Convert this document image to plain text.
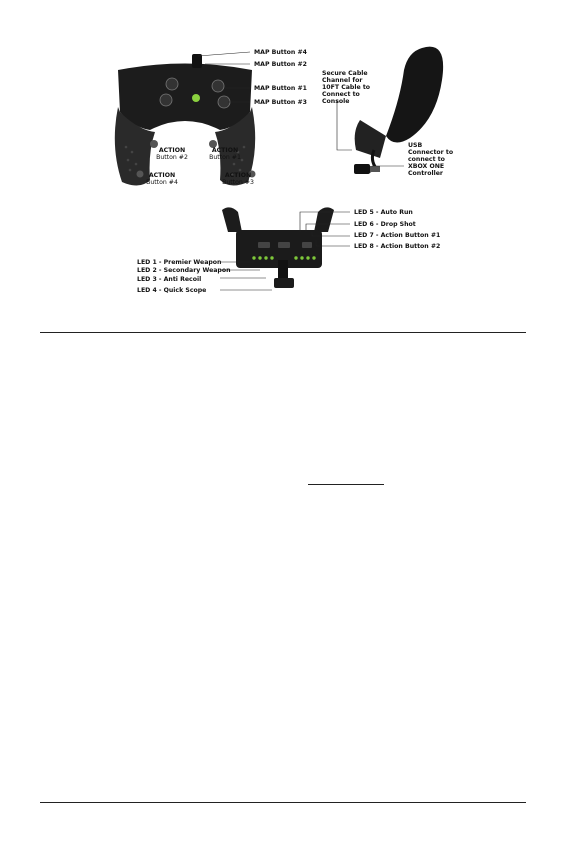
MAP Button #4
MAP Button #2
MAP Button #1
MAP Button #3
ACTION
Button #2
ACTION
Button #1
ACTION
Button #4
ACTION
Button #3
Secure Cable Channel for 10FT Cable to Connect to Console
USB Connector to connect to XBOX ONE Controller
LED 5 - Auto Run
LED 6 - Drop Shot
LED 7 - Action Button #1
LED 8 - Action Button #2
LED 1 - Premier Weapon
LED 2 - Secondary Weapon
LED 3 - Anti Recoil
LED 4 - Quick Scope
